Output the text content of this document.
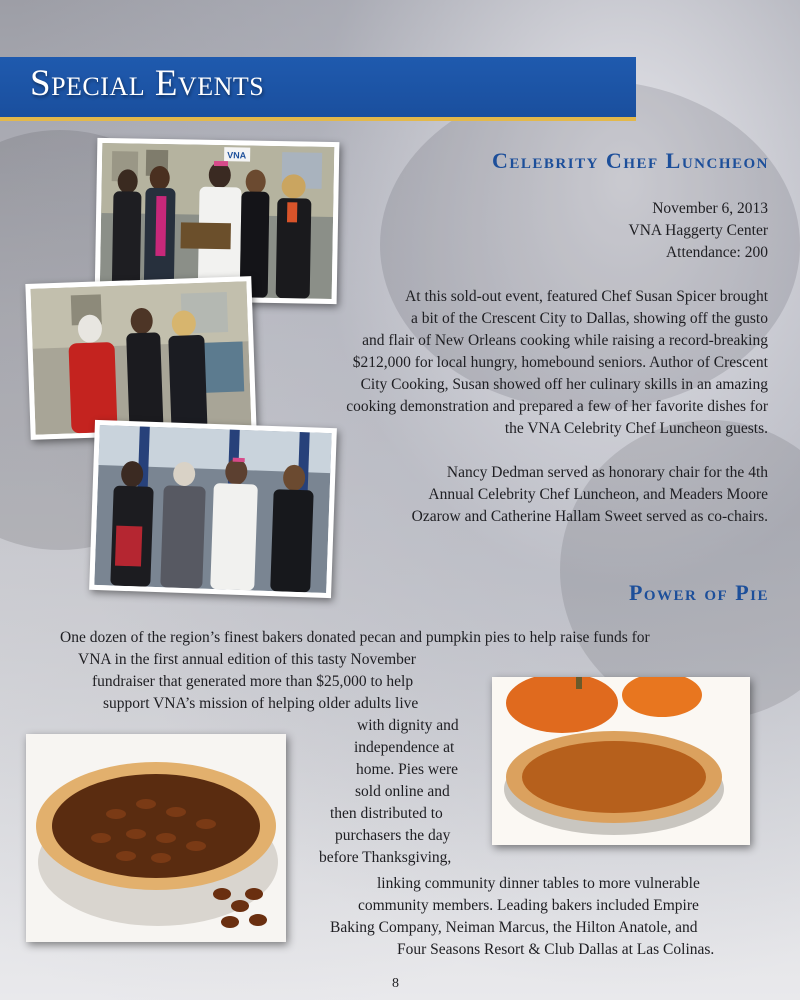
Special Events
Celebrity Chef Luncheon
November 6, 2013
VNA Haggerty Center
Attendance: 200
At this sold-out event, featured Chef Susan Spicer brought
a bit of the Crescent City to Dallas, showing off the gusto
and flair of New Orleans cooking while raising a record-breaking
$212,000 for local hungry, homebound seniors. Author of Crescent
City Cooking, Susan showed off her culinary skills in an amazing
cooking demonstration and prepared a few of her favorite dishes for
the VNA Celebrity Chef Luncheon guests.
Nancy Dedman served as honorary chair for the 4th
Annual Celebrity Chef Luncheon, and Meaders Moore
Ozarow and Catherine Hallam Sweet served as co-chairs.
VNA
Power of Pie
One dozen of the region’s finest bakers donated pecan and pumpkin pies to help raise funds for
VNA in the first annual edition of this tasty November
fundraiser that generated more than $25,000 to help
support VNA’s mission of helping older adults live
with dignity and
independence at
home. Pies were
sold online and
then distributed to
purchasers the day
before Thanksgiving,
linking community dinner tables to more vulnerable
community members. Leading bakers included Empire
Baking Company, Neiman Marcus, the Hilton Anatole, and
Four Seasons Resort & Club Dallas at Las Colinas.
8
